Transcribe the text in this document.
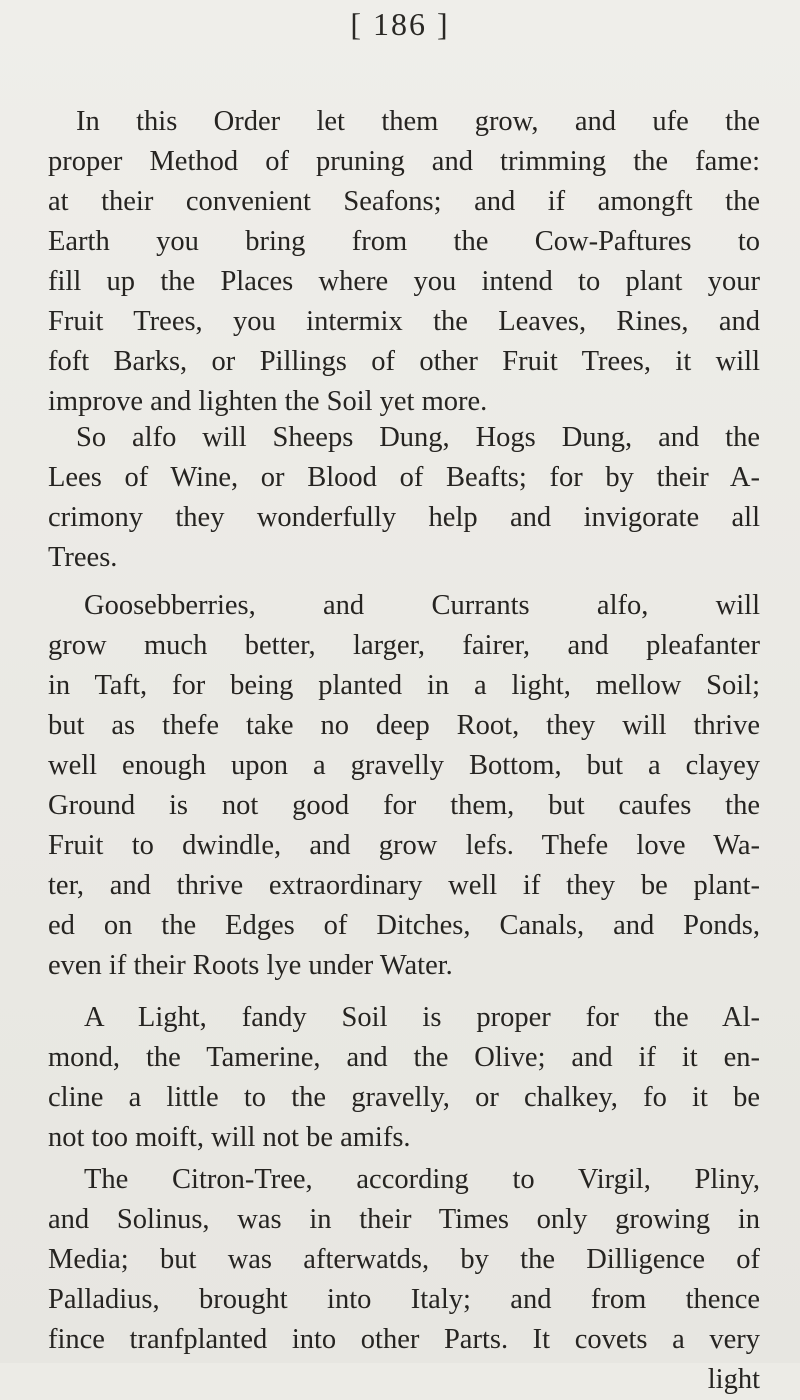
[ 186 ]
In this Order let them grow, and ufe the
proper Method of pruning and trimming the fame:
at their convenient Seafons; and if amongft the
Earth you bring from the Cow-Paftures to
fill up the Places where you intend to plant your
Fruit Trees, you intermix the Leaves, Rines, and
foft Barks, or Pillings of other Fruit Trees, it will
improve and lighten the Soil yet more.
So alfo will Sheeps Dung, Hogs Dung, and the
Lees of Wine, or Blood of Beafts; for by their A-
crimony they wonderfully help and invigorate all
Trees.
Goosebberries, and Currants alfo, will
grow much better, larger, fairer, and pleafanter
in Taft, for being planted in a light, mellow Soil;
but as thefe take no deep Root, they will thrive
well enough upon a gravelly Bottom, but a clayey
Ground is not good for them, but caufes the
Fruit to dwindle, and grow lefs. Thefe love Wa-
ter, and thrive extraordinary well if they be plant-
ed on the Edges of Ditches, Canals, and Ponds,
even if their Roots lye under Water.
A Light, fandy Soil is proper for the Al-
mond, the Tamerine, and the Olive; and if it en-
cline a little to the gravelly, or chalkey, fo it be
not too moift, will not be amifs.
The Citron-Tree, according to Virgil, Pliny,
and Solinus, was in their Times only growing in
Media; but was afterwatds, by the Dilligence of
Palladius, brought into Italy; and from thence
fince tranfplanted into other Parts. It covets a very
light
